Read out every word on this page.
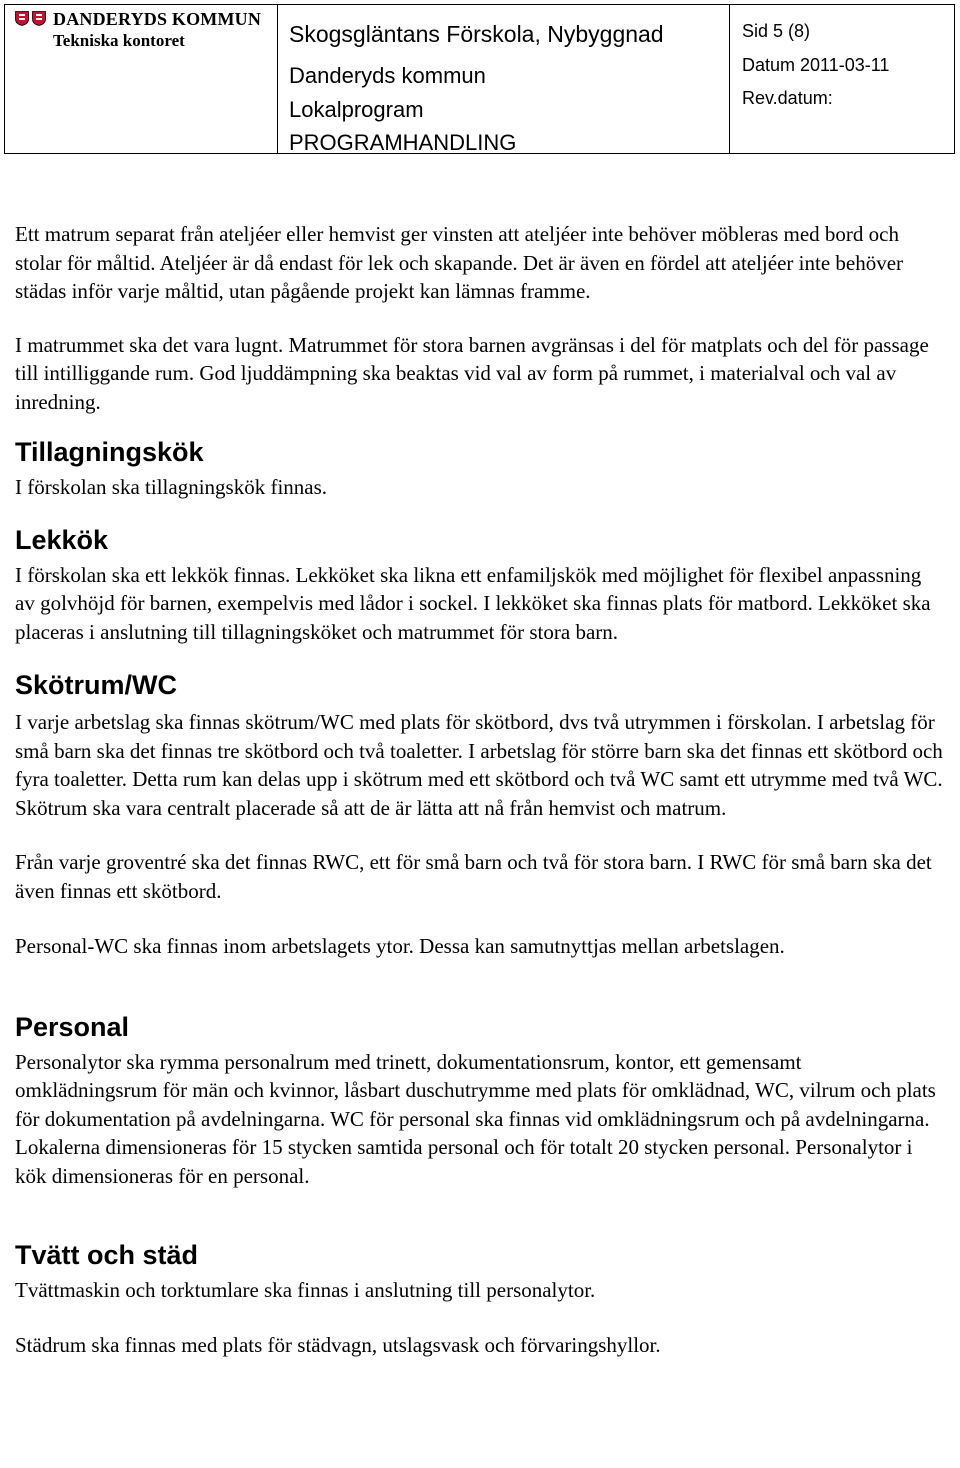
DANDERYDS KOMMUN
Tekniska kontoret	Skogsgläntans Förskola, Nybyggnad
Danderyds kommun
Lokalprogram
PROGRAMHANDLING
Sid 5 (8)
Datum 2011-03-11
Rev.datum:

Ett matrum separat från ateljéer eller hemvist ger vinsten att ateljéer inte behöver möbleras med bord och stolar för måltid. Ateljéer är då endast för lek och skapande. Det är även en fördel att ateljéer inte behöver städas inför varje måltid, utan pågående projekt kan lämnas framme.

I matrummet ska det vara lugnt. Matrummet för stora barnen avgränsas i del för matplats och del för passage till intilliggande rum. God ljuddämpning ska beaktas vid val av form på rummet, i materialval och val av inredning.

Tillagningskök

I förskolan ska tillagningskök finnas.

Lekkök

I förskolan ska ett lekkök finnas. Lekköket ska likna ett enfamiljskök med möjlighet för flexibel anpassning av golvhöjd för barnen, exempelvis med lådor i sockel. I lekköket ska finnas plats för matbord. Lekköket ska placeras i anslutning till tillagningsköket och matrummet för stora barn.

Skötrum/WC

I varje arbetslag ska finnas skötrum/WC med plats för skötbord, dvs två utrymmen i förskolan. I arbetslag för små barn ska det finnas tre skötbord och två toaletter. I arbetslag för större barn ska det finnas ett skötbord och fyra toaletter. Detta rum kan delas upp i skötrum med ett skötbord och två WC samt ett utrymme med två WC. Skötrum ska vara centralt placerade så att de är lätta att nå från hemvist och matrum.

Från varje groventré ska det finnas RWC, ett för små barn och två för stora barn. I RWC för små barn ska det även finnas ett skötbord.

Personal-WC ska finnas inom arbetslagets ytor. Dessa kan samutnyttjas mellan arbetslagen.

Personal

Personalytor ska rymma personalrum med trinett, dokumentationsrum, kontor, ett gemensamt omklädningsrum för män och kvinnor, låsbart duschutrymme med plats för omklädnad, WC, vilrum och plats för dokumentation på avdelningarna. WC för personal ska finnas vid omklädningsrum och på avdelningarna. Lokalerna dimensioneras för 15 stycken samtida personal och för totalt 20 stycken personal. Personalytor i kök dimensioneras för en personal.

Tvätt och städ

Tvättmaskin och torktumlare ska finnas i anslutning till personalytor.

Städrum ska finnas med plats för städvagn, utslagsvask och förvaringshyllor.
